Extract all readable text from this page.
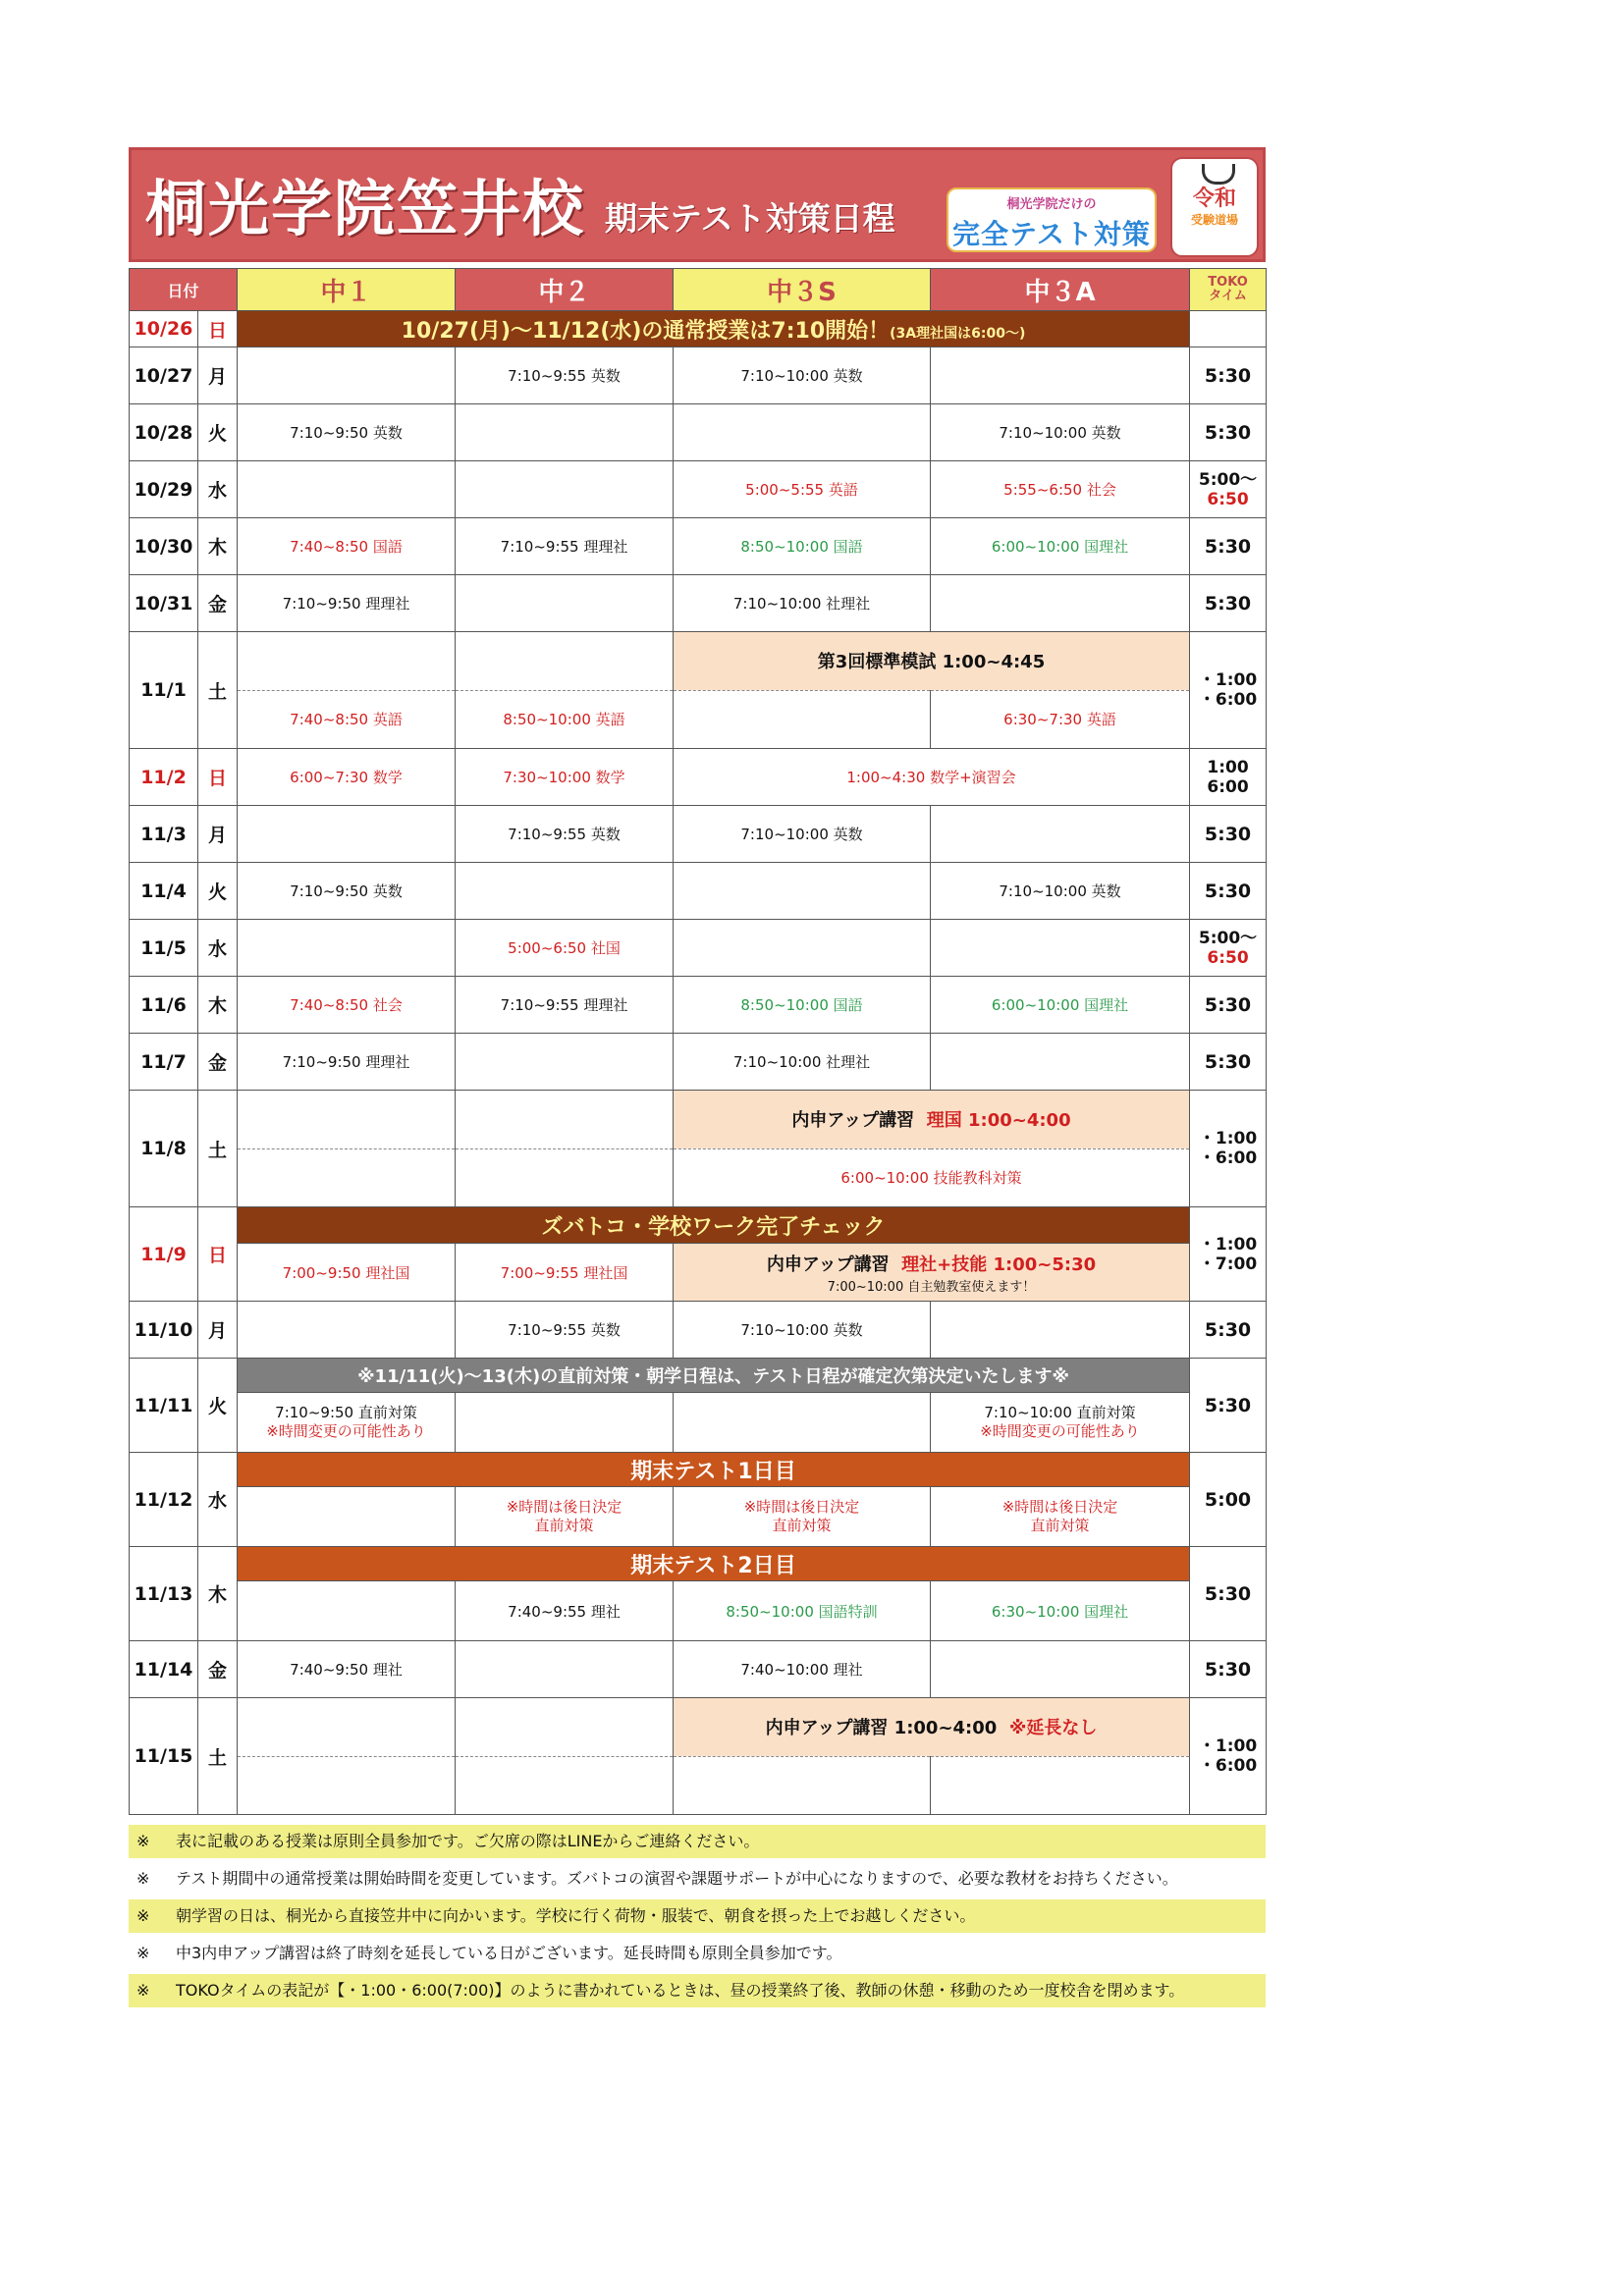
桐光学院笠井校 期末テスト対策日程	桐光学院だけの
完全テスト対策
令和
受験道場
日付		中１	中２	中３S	中３A	TOKO
タイム
10/26	日	10/27(月)～11/12(水)の通常授業は7:10開始！(3A理社国は6:00～)				
10/27	月		7:10~9:55 英数	7:10~10:00 英数		5:30
10/28	火	7:10~9:50 英数			7:10~10:00 英数	5:30
10/29	水			5:00~5:55 英語	5:55~6:50 社会	5:00～
6:50
10/30	木	7:40~8:50 国語	7:10~9:55 理理社	8:50~10:00 国語	6:00~10:00 国理社	5:30
10/31	金	7:10~9:50 理理社		7:10~10:00 社理社		5:30
11/1	土			第3回標準模試 1:00~4:45		・1:00
・6:00
		7:40~8:50 英語	8:50~10:00 英語		6:30~7:30 英語	
11/2	日	6:00~7:30 数学	7:30~10:00 数学	1:00~4:30 数学+演習会		1:00
6:00
11/3	月		7:10~9:55 英数	7:10~10:00 英数		5:30
11/4	火	7:10~9:50 英数			7:10~10:00 英数	5:30
11/5	水		5:00~6:50 社国			5:00～
6:50
11/6	木	7:40~8:50 社会	7:10~9:55 理理社	8:50~10:00 国語	6:00~10:00 国理社	5:30
11/7	金	7:10~9:50 理理社		7:10~10:00 社理社		5:30
11/8	土			内申アップ講習 理国 1:00~4:00		・1:00
・6:00
				6:00~10:00 技能教科対策		
11/9	日	ズバトコ・学校ワーク完了チェック				・1:00
・7:00
		7:00~9:50 理社国	7:00~9:55 理社国	内申アップ講習 理社+技能 1:00~5:30
7:00~10:00 自主勉教室使えます！		

11/10	月		7:10~9:55 英数	7:10~10:00 英数		5:30
11/11	火	※11/11(火)～13(木)の直前対策・朝学日程は、テスト日程が確定次第決定いたします※				5:30
		7:10~9:50 直前対策
※時間変更の可能性あり			7:10~10:00 直前対策
※時間変更の可能性あり	
11/12	水	期末テスト1日目				5:00
			※時間は後日決定
直前対策	※時間は後日決定
直前対策	※時間は後日決定
直前対策	
11/13	木	期末テスト2日目				5:30
			7:40~9:55 理社	8:50~10:00 国語特訓	6:30~10:00 国理社	
11/14	金	7:40~9:50 理社		7:40~10:00 理社		5:30
11/15	土			内申アップ講習 1:00~4:00 ※延長なし		・1:00
・6:00

※ 表に記載のある授業は原則全員参加です。ご欠席の際はLINEからご連絡ください。
※ テスト期間中の通常授業は開始時間を変更しています。ズバトコの演習や課題サポートが中心になりますので、必要な教材をお持ちください。
※ 朝学習の日は、桐光から直接笠井中に向かいます。学校に行く荷物・服装で、朝食を摂った上でお越しください。
※ 中3内申アップ講習は終了時刻を延長している日がございます。延長時間も原則全員参加です。
※ TOKOタイムの表記が【・1:00・6:00(7:00)】のように書かれているときは、昼の授業終了後、教師の休憩・移動のため一度校舎を閉めます。
